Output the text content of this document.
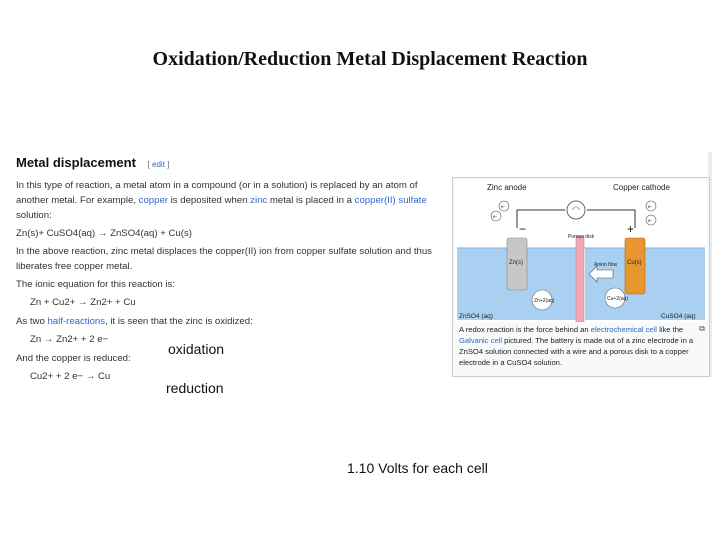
Oxidation/Reduction Metal Displacement Reaction
Metal displacement [ edit ]

In this type of reaction, a metal atom in a compound (or in a solution) is replaced by an atom of another metal. For example, copper is deposited when zinc metal is placed in a copper(II) sulfate solution:

Zn(s)+ CuSO4(aq) → ZnSO4(aq) + Cu(s)

In the above reaction, zinc metal displaces the copper(II) ion from copper sulfate solution and thus liberates free copper metal.

The ionic equation for this reaction is:

Zn + Cu2+ → Zn2+ + Cu

As two half-reactions, it is seen that the zinc is oxidized:

Zn → Zn2+ + 2 e−

And the copper is reduced:

Cu2+ + 2 e− → Cu

oxidation
reduction
1.10 Volts for each cell
Zinc anode	Copper cathode
e-
e-
e-
e-
−	+
Porous disk
Anion flow
Zn(s)	Cu(s)
Zn+2(aq)	Cu+2(aq)
ZnSO4 (aq)	CuSO4 (aq)
A redox reaction is the force behind an electrochemical cell like the Galvanic cell pictured. The battery is made out of a zinc electrode in a ZnSO4 solution connected with a wire and a porous disk to a copper electrode in a CuSO4 solution.
⧉
